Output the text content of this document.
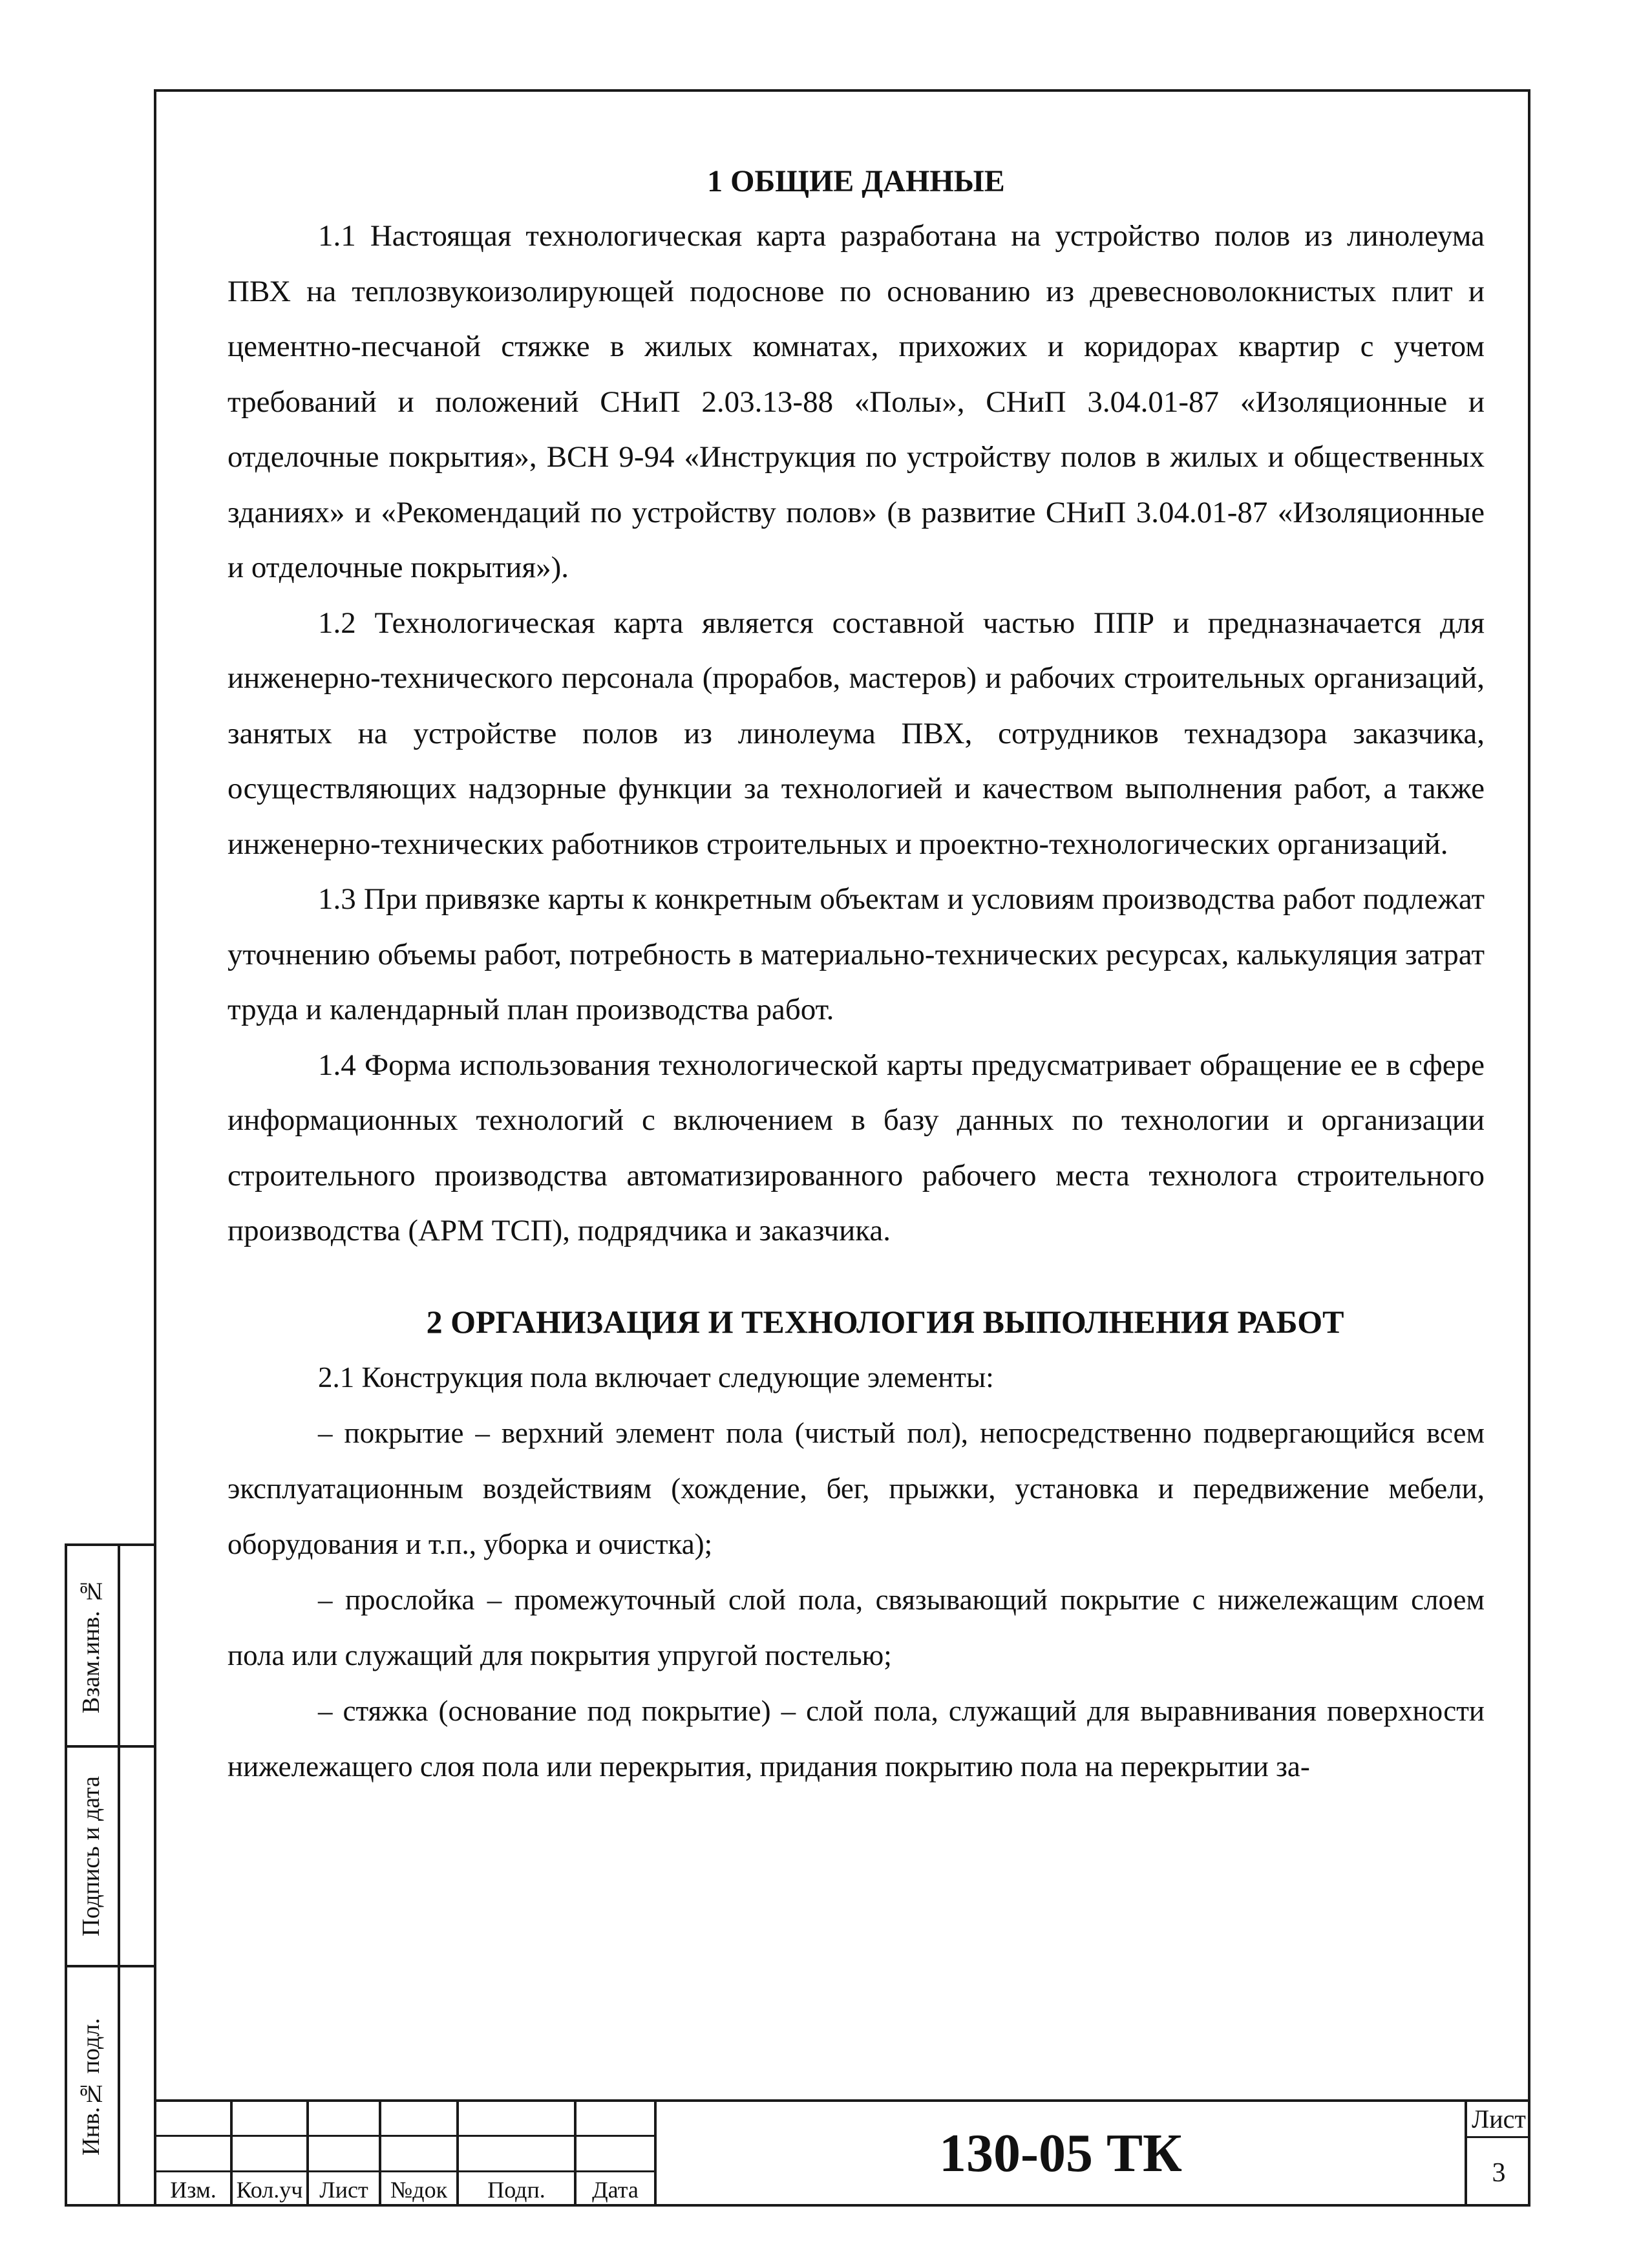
1 ОБЩИЕ ДАННЫЕ

1.1 Настоящая технологическая карта разработана на устройство полов из линолеума ПВХ на теплозвукоизолирующей подоснове по основанию из древесноволокнистых плит и цементно-песчаной стяжке в жилых комнатах, прихожих и коридорах квартир с учетом требований и положений СНиП 2.03.13-88 «Полы», СНиП 3.04.01-87 «Изоляционные и отделочные покрытия», ВСН 9-94 «Инструкция по устройству полов в жилых и общественных зданиях» и «Рекомендаций по устройству полов» (в развитие СНиП 3.04.01-87 «Изоляционные и отделочные покрытия»).

1.2 Технологическая карта является составной частью ППР и предназначается для инженерно-технического персонала (прорабов, мастеров) и рабочих строительных организаций, занятых на устройстве полов из линолеума ПВХ, сотрудников технадзора заказчика, осуществляющих надзорные функции за технологией и качеством выполнения работ, а также инженерно-технических работников строительных и проектно-технологических организаций.

1.3 При привязке карты к конкретным объектам и условиям производства работ подлежат уточнению объемы работ, потребность в материально-технических ресурсах, калькуляция затрат труда и календарный план производства работ.

1.4 Форма использования технологической карты предусматривает обращение ее в сфере информационных технологий с включением в базу данных по технологии и организации строительного производства автоматизированного рабочего места технолога строительного производства (АРМ ТСП), подрядчика и заказчика.

2 ОРГАНИЗАЦИЯ И ТЕХНОЛОГИЯ ВЫПОЛНЕНИЯ РАБОТ

2.1 Конструкция пола включает следующие элементы:

– покрытие – верхний элемент пола (чистый пол), непосредственно подвергающийся всем эксплуатационным воздействиям (хождение, бег, прыжки, установка и передвижение мебели, оборудования и т.п., уборка и очистка);

– прослойка – промежуточный слой пола, связывающий покрытие с нижележащим слоем пола или служащий для покрытия упругой постелью;

– стяжка (основание под покрытие) – слой пола, служащий для выравнивания поверхности нижележащего слоя пола или перекрытия, придания покрытию пола на перекрытии за-

Взам.инв. №
Подпись и дата
Инв.№ подл.
Изм. Кол.уч Лист №док	Подп.	Дата
130-05 ТК
Лист
3
